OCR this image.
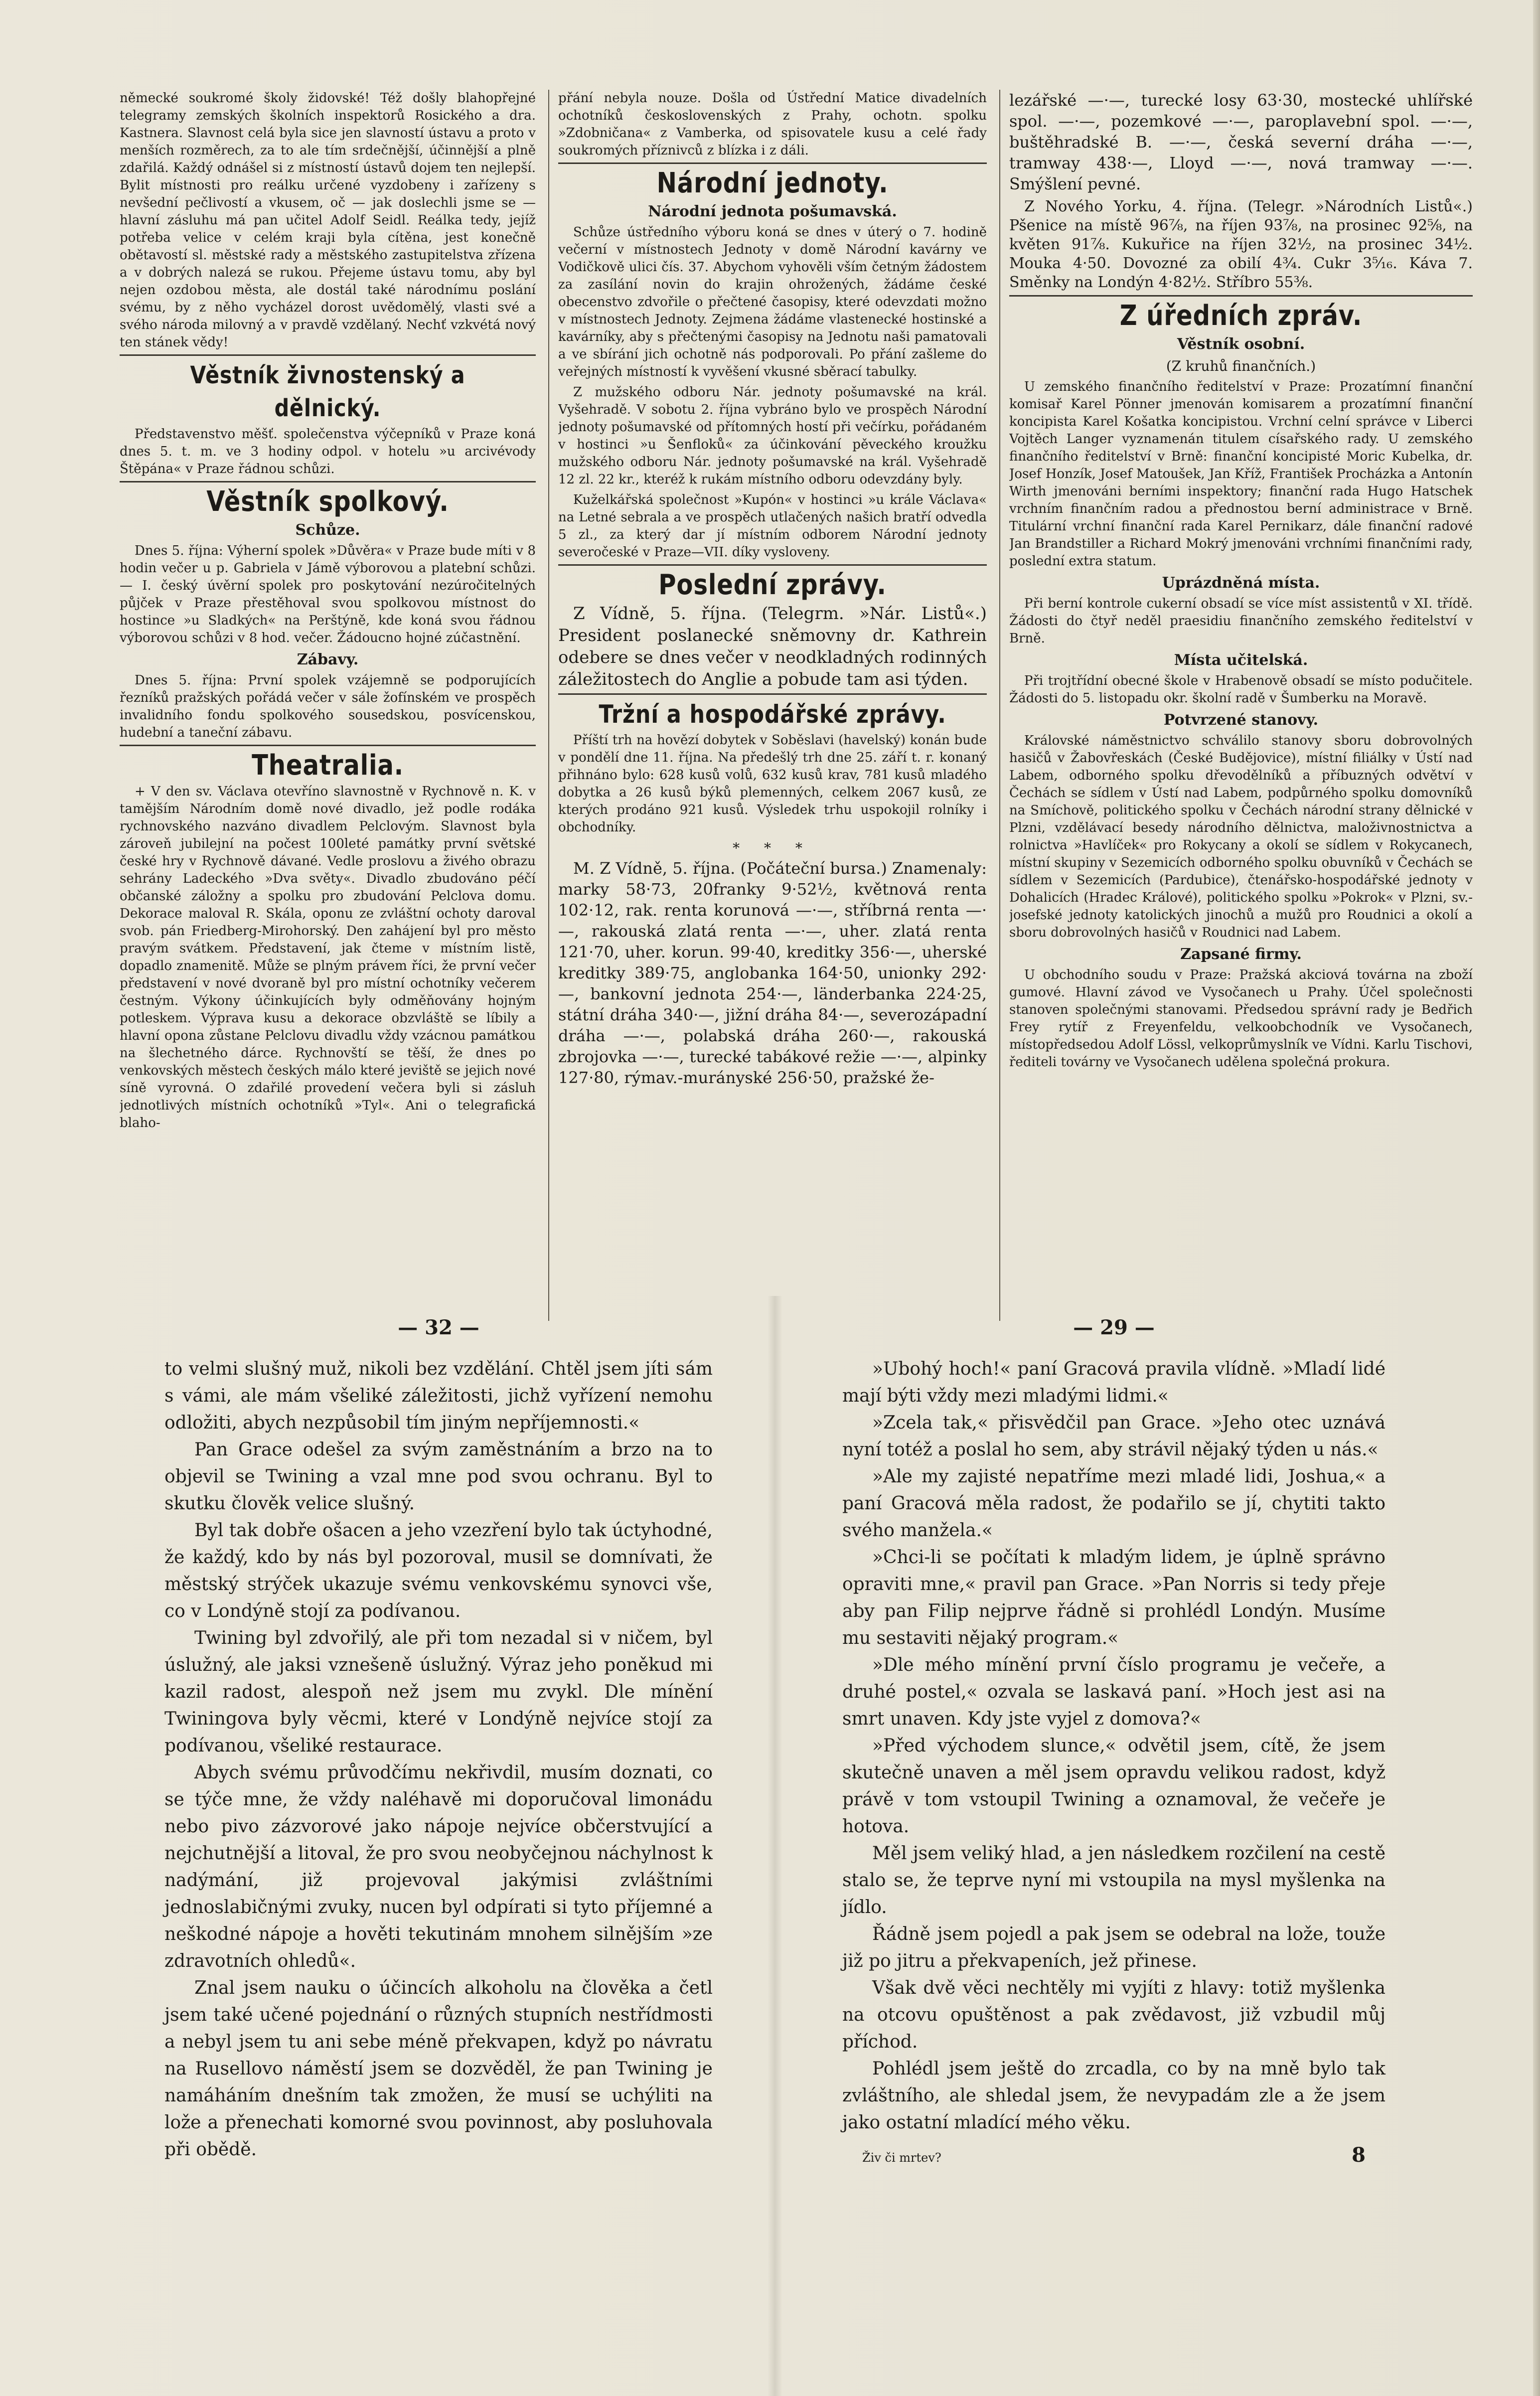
německé soukromé školy židovské! Též došly blahopřejné telegramy zemských školních inspektorů Rosického a dra. Kastnera. Slavnost celá byla sice jen slavností ústavu a proto v menších rozměrech, za to ale tím srdečnější, účinnější a plně zdařilá. Každý odnášel si z místností ústavů dojem ten nejlepší. Bylit místnosti pro reálku určené vyzdobeny i zařízeny s nevšední pečlivostí a vkusem, oč — jak doslechli jsme se — hlavní zásluhu má pan učitel Adolf Seidl. Reálka tedy, jejíž potřeba velice v celém kraji byla cítěna, jest konečně obětavostí sl. městské rady a městského zastupitelstva zřízena a v dobrých nalezá se rukou. Přejeme ústavu tomu, aby byl nejen ozdobou města, ale dostál také národnímu poslání svému, by z něho vycházel dorost uvědomělý, vlasti své a svého národa milovný a v pravdě vzdělaný. Nechť vzkvétá nový ten stánek vědy!

Věstník živnostenský a dělnický.

Představenstvo měšť. společenstva výčepníků v Praze koná dnes 5. t. m. ve 3 hodiny odpol. v hotelu »u arcivévody Štěpána« v Praze řádnou schůzi.

Věstník spolkový.
Schůze.

Dnes 5. října: Výherní spolek »Důvěra« v Praze bude míti v 8 hodin večer u p. Gabriela v Jámě výborovou a platební schůzi. — I. český úvěrní spolek pro poskytování nezúročitelných půjček v Praze přestěhoval svou spolkovou místnost do hostince »u Sladkých« na Perštýně, kde koná svou řádnou výborovou schůzi v 8 hod. večer. Žádoucno hojné zúčastnění.

Zábavy.

Dnes 5. října: První spolek vzájemně se podporujících řezníků pražských pořádá večer v sále žofínském ve prospěch invalidního fondu spolkového sousedskou, posvícenskou, hudební a taneční zábavu.

Theatralia.

+ V den sv. Václava otevříno slavnostně v Rychnově n. K. v tamějším Národním domě nové divadlo, jež podle rodáka rychnovského nazváno divadlem Pelclovým. Slavnost byla zároveň jubilejní na počest 100leté památky první světské české hry v Rychnově dávané. Vedle proslovu a živého obrazu sehrány Ladeckého »Dva světy«. Divadlo zbudováno péčí občanské záložny a spolku pro zbudování Pelclova domu. Dekorace maloval R. Skála, oponu ze zvláštní ochoty daroval svob. pán Friedberg-Mirohorský. Den zahájení byl pro město pravým svátkem. Představení, jak čteme v místním listě, dopadlo znamenitě. Může se plným právem říci, že první večer představení v nové dvoraně byl pro místní ochotníky večerem čestným. Výkony účinkujících byly odměňovány hojným potleskem. Výprava kusu a dekorace obzvláště se líbily a hlavní opona zůstane Pelclovu divadlu vždy vzácnou památkou na šlechetného dárce. Rychnovští se těší, že dnes po venkovských městech českých málo které jeviště se jejich nové síně vyrovná. O zdařilé provedení večera byli si zásluh jednotlivých místních ochotníků »Tyl«. Ani o telegrafická blaho-

přání nebyla nouze. Došla od Ústřední Matice divadelních ochotníků československých z Prahy, ochotn. spolku »Zdobničana« z Vamberka, od spisovatele kusu a celé řady soukromých příznivců z blízka i z dáli.

Národní jednoty.
Národní jednota pošumavská.

Schůze ústředního výboru koná se dnes v úterý o 7. hodině večerní v místnostech Jednoty v domě Národní kavárny ve Vodičkově ulici čís. 37. Abychom vyhověli vším četným žádostem za zasílání novin do krajin ohrožených, žádáme české obecenstvo zdvořile o přečtené časopisy, které odevzdati možno v místnostech Jednoty. Zejmena žádáme vlastenecké hostinské a kavárníky, aby s přečtenými časopisy na Jednotu naši pamatovali a ve sbírání jich ochotně nás podporovali. Po přání zašleme do veřejných místností k vyvěšení vkusné sběrací tabulky.

Z mužského odboru Nár. jednoty pošumavské na král. Vyšehradě. V sobotu 2. října vybráno bylo ve prospěch Národní jednoty pošumavské od přítomných hostí při večírku, pořádaném v hostinci »u Šenfloků« za účinkování pěveckého kroužku mužského odboru Nár. jednoty pošumavské na král. Vyšehradě 12 zl. 22 kr., kteréž k rukám místního odboru odevzdány byly.

Kuželkářská společnost »Kupón« v hostinci »u krále Václava« na Letné sebrala a ve prospěch utlačených našich bratří odvedla 5 zl., za který dar jí místním odborem Národní jednoty severočeské v Praze—VII. díky vysloveny.

Poslední zprávy.

Z Vídně, 5. října. (Telegrm. »Nár. Listů«.) President poslanecké sněmovny dr. Kathrein odebere se dnes večer v neodkladných rodinných záležitostech do Anglie a pobude tam asi týden.

Tržní a hospodářské zprávy.

Příští trh na hovězí dobytek v Soběslavi (havelský) konán bude v pondělí dne 11. října. Na předešlý trh dne 25. září t. r. konaný přihnáno bylo: 628 kusů volů, 632 kusů krav, 781 kusů mladého dobytka a 26 kusů býků plemenných, celkem 2067 kusů, ze kterých prodáno 921 kusů. Výsledek trhu uspokojil rolníky i obchodníky.

* * *

M. Z Vídně, 5. října. (Počáteční bursa.) Znamenaly: marky 58·73, 20franky 9·52½, květnová renta 102·12, rak. renta korunová —·—, stříbrná renta —·—, rakouská zlatá renta —·—, uher. zlatá renta 121·70, uher. korun. 99·40, kreditky 356·—, uherské kreditky 389·75, anglobanka 164·50, unionky 292·—, bankovní jednota 254·—, länderbanka 224·25, státní dráha 340·—, jižní dráha 84·—, severozápadní dráha —·—, polabská dráha 260·—, rakouská zbrojovka —·—, turecké tabákové režie —·—, alpinky 127·80, rýmav.-murányské 256·50, pražské že-

lezářské —·—, turecké losy 63·30, mostecké uhlířské spol. —·—, pozemkové —·—, paroplavební spol. —·—, buštěhradské B. —·—, česká severní dráha —·—, tramway 438·—, Lloyd —·—, nová tramway —·—. Smýšlení pevné.

Z Nového Yorku, 4. října. (Telegr. »Národních Listů«.) Pšenice na místě 96⅞, na říjen 93⅞, na prosinec 92⅝, na květen 91⅞. Kukuřice na říjen 32½, na prosinec 34½. Mouka 4·50. Dovozné za obilí 4¾. Cukr 3⁵⁄₁₆. Káva 7. Směnky na Londýn 4·82½. Stříbro 55⅜.

Z úředních zpráv.
Věstník osobní.
(Z kruhů finančních.)

U zemského finančního ředitelství v Praze: Prozatímní finanční komisař Karel Pönner jmenován komisarem a prozatímní finanční koncipista Karel Košatka koncipistou. Vrchní celní správce v Liberci Vojtěch Langer vyznamenán titulem císařského rady. U zemského finančního ředitelství v Brně: finanční koncipisté Moric Kubelka, dr. Josef Honzík, Josef Matoušek, Jan Kříž, František Procházka a Antonín Wirth jmenováni berními inspektory; finanční rada Hugo Hatschek vrchním finančním radou a přednostou berní administrace v Brně. Titulární vrchní finanční rada Karel Pernikarz, dále finanční radové Jan Brandstiller a Richard Mokrý jmenováni vrchními finančními rady, poslední extra statum.

Uprázdněná místa.

Při berní kontrole cukerní obsadí se více míst assistentů v XI. třídě. Žádosti do čtyř neděl praesidiu finančního zemského ředitelství v Brně.

Místa učitelská.

Při trojtřídní obecné škole v Hrabenově obsadí se místo podučitele. Žádosti do 5. listopadu okr. školní radě v Šumberku na Moravě.

Potvrzené stanovy.

Královské náměstnictvo schválilo stanovy sboru dobrovolných hasičů v Žabovřeskách (České Budějovice), místní filiálky v Ústí nad Labem, odborného spolku dřevodělníků a příbuzných odvětví v Čechách se sídlem v Ústí nad Labem, podpůrného spolku domovníků na Smíchově, politického spolku v Čechách národní strany dělnické v Plzni, vzdělávací besedy národního dělnictva, maloživnostnictva a rolnictva »Havlíček« pro Rokycany a okolí se sídlem v Rokycanech, místní skupiny v Sezemicích odborného spolku obuvníků v Čechách se sídlem v Sezemicích (Pardubice), čtenářsko-hospodářské jednoty v Dohalicích (Hradec Králové), politického spolku »Pokrok« v Plzni, sv.-josefské jednoty katolických jinochů a mužů pro Roudnici a okolí a sboru dobrovolných hasičů v Roudnici nad Labem.

Zapsané firmy.

U obchodního soudu v Praze: Pražská akciová továrna na zboží gumové. Hlavní závod ve Vysočanech u Prahy. Účel společnosti stanoven společnými stanovami. Předsedou správní rady je Bedřich Frey rytíř z Freyenfeldu, velkoobchodník ve Vysočanech, místopředsedou Adolf Lössl, velkoprůmyslník ve Vídni. Karlu Tischovi, řediteli továrny ve Vysočanech udělena společná prokura.

— 32 —

to velmi slušný muž, nikoli bez vzdělání. Chtěl jsem jíti sám s vámi, ale mám všeliké záležitosti, jichž vyřízení nemohu odložiti, abych nezpůsobil tím jiným nepříjemnosti.«

Pan Grace odešel za svým zaměstnáním a brzo na to objevil se Twining a vzal mne pod svou ochranu. Byl to skutku člověk velice slušný.

Byl tak dobře ošacen a jeho vzezření bylo tak úctyhodné, že každý, kdo by nás byl pozoroval, musil se domnívati, že městský strýček ukazuje svému venkovskému synovci vše, co v Londýně stojí za podívanou.

Twining byl zdvořilý, ale při tom nezadal si v ničem, byl úslužný, ale jaksi vznešeně úslužný. Výraz jeho poněkud mi kazil radost, alespoň než jsem mu zvykl. Dle mínění Twiningova byly věcmi, které v Londýně nejvíce stojí za podívanou, všeliké restaurace.

Abych svému průvodčímu nekřivdil, musím doznati, co se týče mne, že vždy naléhavě mi doporučoval limonádu nebo pivo zázvorové jako nápoje nejvíce občerstvující a nejchutnější a litoval, že pro svou neobyčejnou náchylnost k nadýmání, již projevoval jakýmisi zvláštními jednoslabičnými zvuky, nucen byl odpírati si tyto příjemné a neškodné nápoje a hověti tekutinám mnohem silnějším »ze zdravotních ohledů«.

Znal jsem nauku o účincích alkoholu na člověka a četl jsem také učené pojednání o různých stupních nestřídmosti a nebyl jsem tu ani sebe méně překvapen, když po návratu na Rusellovo náměstí jsem se dozvěděl, že pan Twining je namáháním dnešním tak zmožen, že musí se uchýliti na lože a přenechati komorné svou povinnost, aby posluhovala při obědě.

— 29 —

»Ubohý hoch!« paní Gracová pravila vlídně. »Mladí lidé mají býti vždy mezi mladými lidmi.«

»Zcela tak,« přisvědčil pan Grace. »Jeho otec uznává nyní totéž a poslal ho sem, aby strávil nějaký týden u nás.«

»Ale my zajisté nepatříme mezi mladé lidi, Joshua,« a paní Gracová měla radost, že podařilo se jí, chytiti takto svého manžela.«

»Chci-li se počítati k mladým lidem, je úplně správno opraviti mne,« pravil pan Grace. »Pan Norris si tedy přeje aby pan Filip nejprve řádně si prohlédl Londýn. Musíme mu sestaviti nějaký program.«

»Dle mého mínění první číslo programu je večeře, a druhé postel,« ozvala se laskavá paní. »Hoch jest asi na smrt unaven. Kdy jste vyjel z domova?«

»Před východem slunce,« odvětil jsem, cítě, že jsem skutečně unaven a měl jsem opravdu velikou radost, když právě v tom vstoupil Twining a oznamoval, že večeře je hotova.

Měl jsem veliký hlad, a jen následkem rozčilení na cestě stalo se, že teprve nyní mi vstoupila na mysl myšlenka na jídlo.

Řádně jsem pojedl a pak jsem se odebral na lože, touže již po jitru a překvapeních, jež přinese.

Však dvě věci nechtěly mi vyjíti z hlavy: totiž myšlenka na otcovu opuštěnost a pak zvědavost, již vzbudil můj příchod.

Pohlédl jsem ještě do zrcadla, co by na mně bylo tak zvláštního, ale shledal jsem, že nevypadám zle a že jsem jako ostatní mladící mého věku.

Živ či mrtev?	8
